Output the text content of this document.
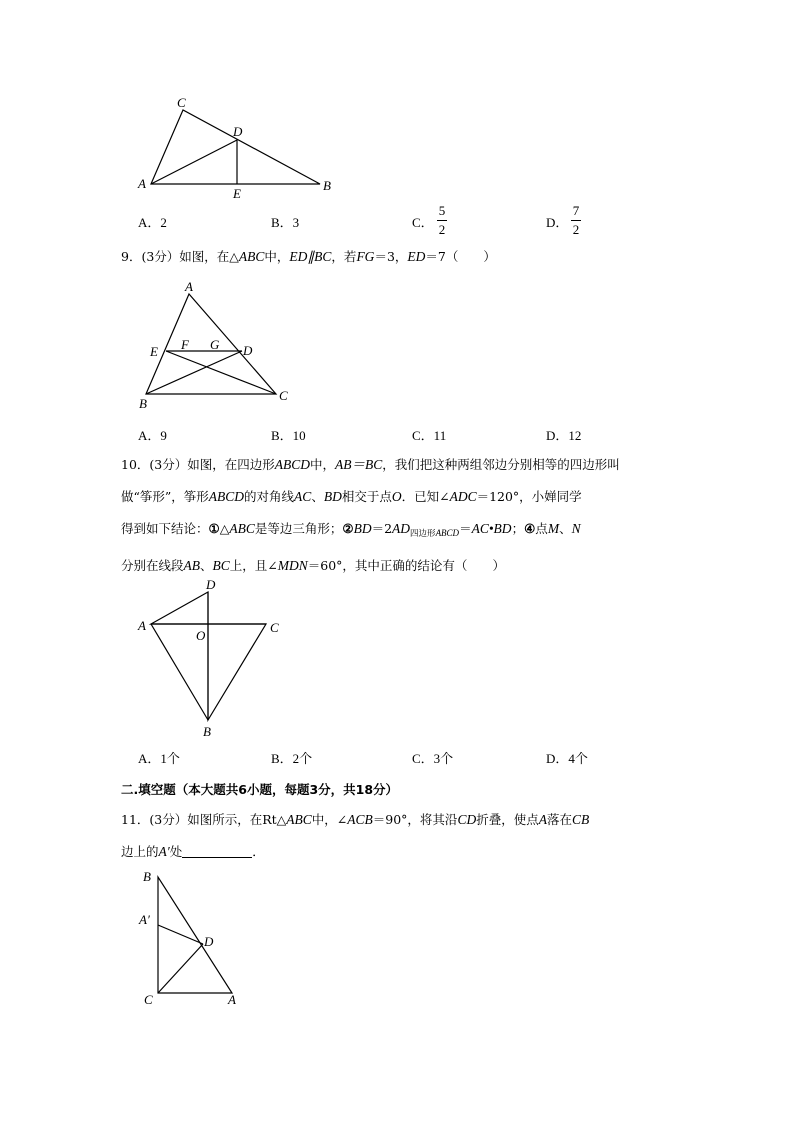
C
D
A
E
B
A．2	B．3	C．
5
2	D．
7
2
9．(3分）如图，在△ABC中，ED∥BC，若FG＝3，ED＝7（　　）
A
E F G D
B
C
A．9	B．10	C．11	D．12
10．(3分）如图，在四边形ABCD中，AB＝BC，我们把这种两组邻边分别相等的四边形叫
做“筝形”，筝形ABCD的对角线AC、BD相交于点O．已知∠ADC＝120°，小婵同学
得到如下结论：①△ABC是等边三角形；$②BD=2AD_{四边形ABCD}=AC•BD$；④点M、N
分别在线段AB、BC上，且∠MDN＝60°，其中正确的结论有（　　）
D
A
O
C
B
A．1个	B．2个	C．3个	D．4个
二.填空题（本大题共6小题，每题3分，共18分）
11．(3分）如图所示，在Rt△ABC中，∠ACB＝90°，将其沿CD折叠，使点A落在CB
边上的A′处	．
B
A′
D
C	A
